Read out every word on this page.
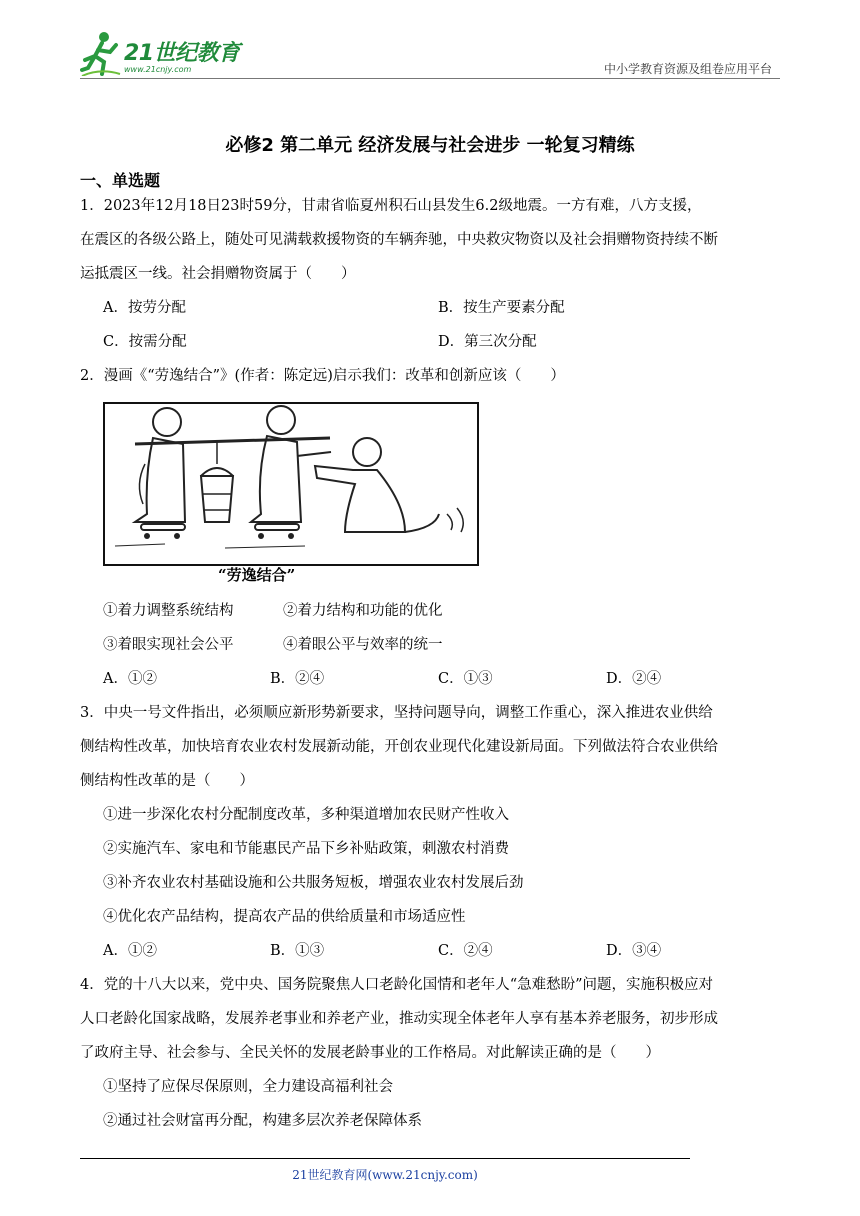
21世纪教育
www.21cnjy.com	中小学教育资源及组卷应用平台
必修2 第二单元 经济发展与社会进步 一轮复习精练
一、单选题
1．2023年12月18日23时59分，甘肃省临夏州积石山县发生6.2级地震。一方有难，八方支援，
在震区的各级公路上，随处可见满载救援物资的车辆奔驰，中央救灾物资以及社会捐赠物资持续不断
运抵震区一线。社会捐赠物资属于（　　）
A．按劳分配	B．按生产要素分配
C．按需分配	D．第三次分配
2．漫画《“劳逸结合”》(作者：陈定远)启示我们：改革和创新应该（　　）
“劳逸结合”
①着力调整系统结构	②着力结构和功能的优化
③着眼实现社会公平	④着眼公平与效率的统一
A．①②	B．②④	C．①③	D．②④
3．中央一号文件指出，必须顺应新形势新要求，坚持问题导向，调整工作重心，深入推进农业供给
侧结构性改革，加快培育农业农村发展新动能，开创农业现代化建设新局面。下列做法符合农业供给
侧结构性改革的是（　　）
①进一步深化农村分配制度改革，多种渠道增加农民财产性收入
②实施汽车、家电和节能惠民产品下乡补贴政策，刺激农村消费
③补齐农业农村基础设施和公共服务短板，增强农业农村发展后劲
④优化农产品结构，提高农产品的供给质量和市场适应性
A．①②	B．①③	C．②④	D．③④
4．党的十八大以来，党中央、国务院聚焦人口老龄化国情和老年人“急难愁盼”问题，实施积极应对
人口老龄化国家战略，发展养老事业和养老产业，推动实现全体老年人享有基本养老服务，初步形成
了政府主导、社会参与、全民关怀的发展老龄事业的工作格局。对此解读正确的是（　　）
①坚持了应保尽保原则，全力建设高福利社会
②通过社会财富再分配，构建多层次养老保障体系
21世纪教育网(www.21cnjy.com)
